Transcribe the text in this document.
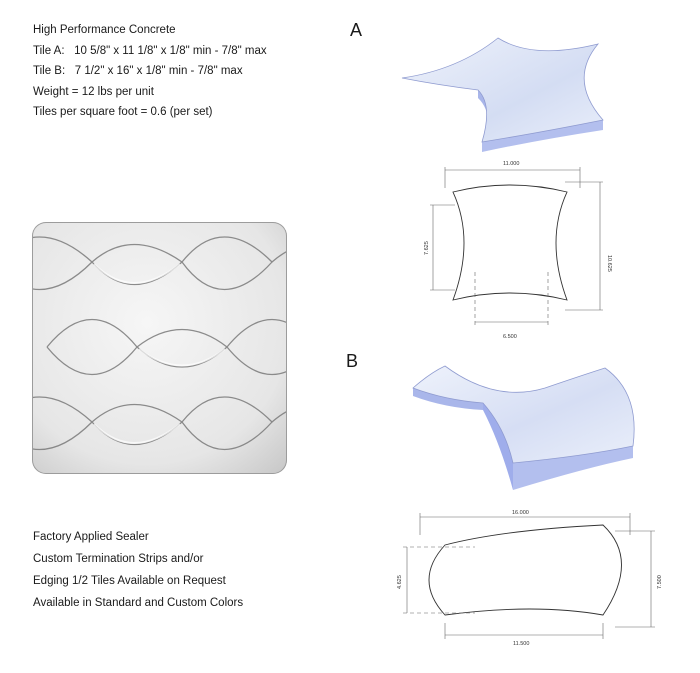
High Performance Concrete
Tile A:   10 5/8" x 11 1/8" x 1/8" min - 7/8" max
Tile B:   7 1/2" x 16" x 1/8" min - 7/8" max
Weight = 12 lbs per unit
Tiles per square foot = 0.6 (per set)
Factory Applied Sealer
Custom Termination Strips and/or
Edging 1/2 Tiles Available on Request
Available in Standard and Custom Colors
A
11.000
10.625
7.625
6.500
B
16.000
7.500
4.625
11.500
